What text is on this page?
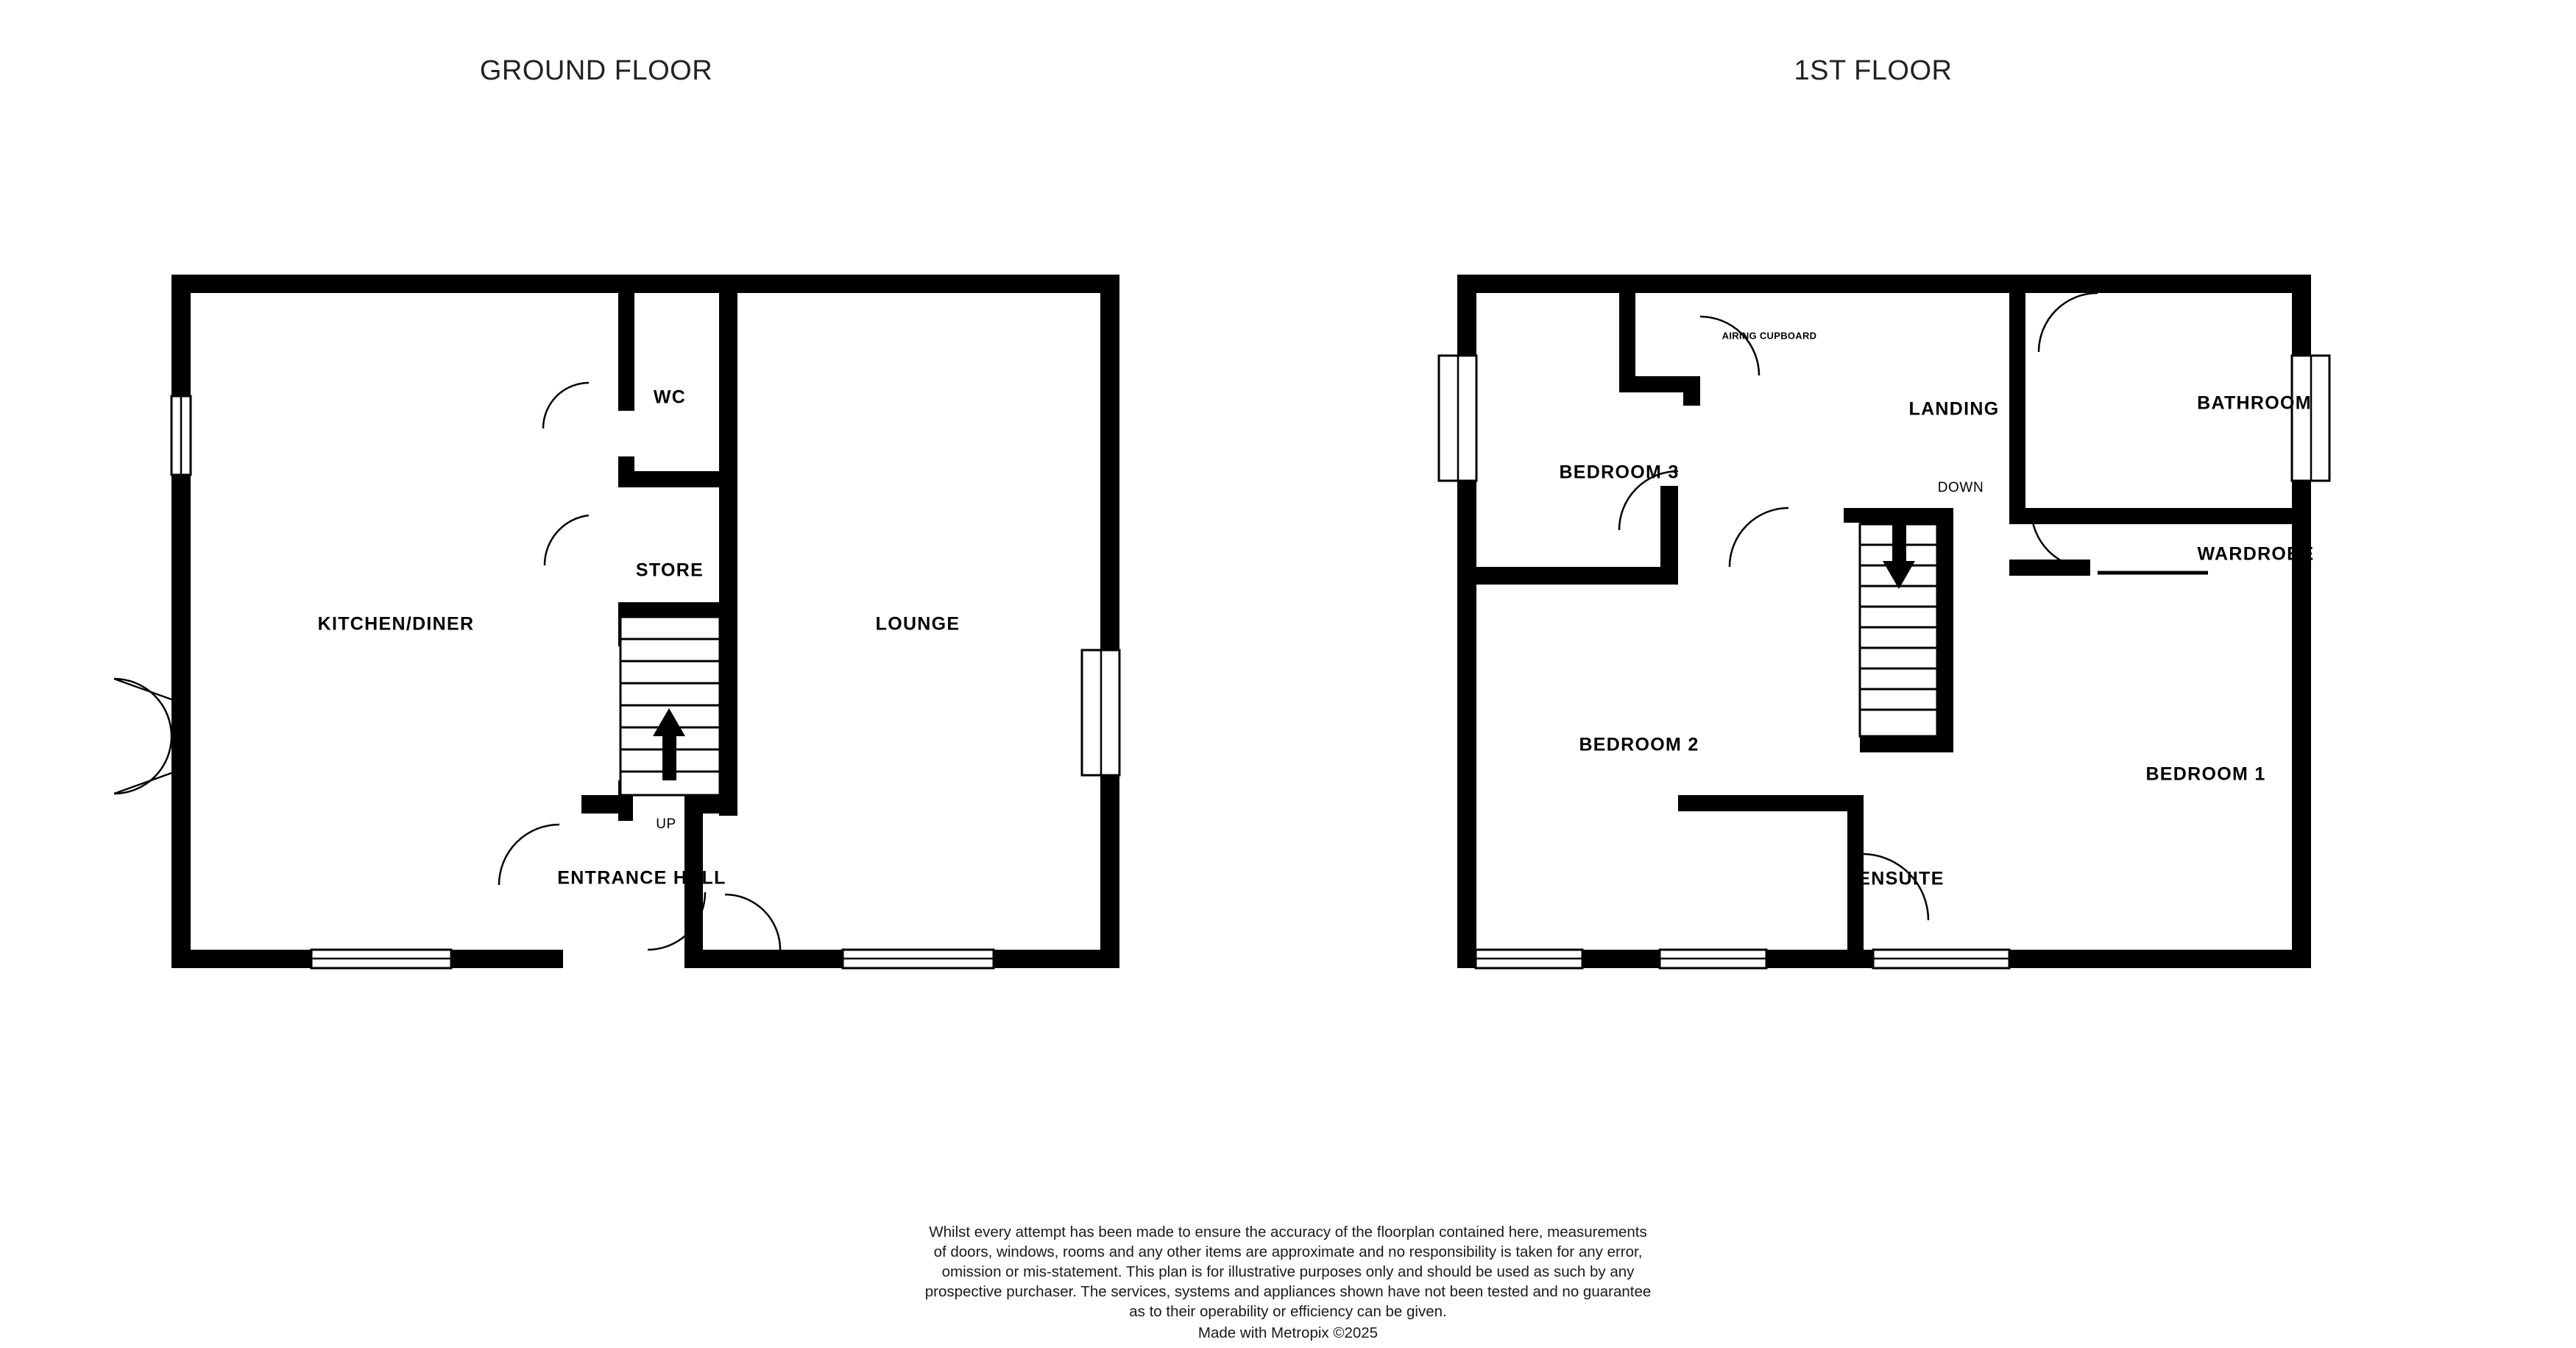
GROUND FLOOR	1ST FLOOR
KITCHEN/DINER
WC
STORE
LOUNGE
ENTRANCE HALL
UP
BEDROOM 3
AIRING CUPBOARD
LANDING	BATHROOM
WARDROBE
BEDROOM 2
BEDROOM 1
ENSUITE
DOWN
Whilst every attempt has been made to ensure the accuracy of the floorplan contained here, measurements
of doors, windows, rooms and any other items are approximate and no responsibility is taken for any error,
omission or mis-statement. This plan is for illustrative purposes only and should be used as such by any
prospective purchaser. The services, systems and appliances shown have not been tested and no guarantee
as to their operability or efficiency can be given.
Made with Metropix ©2025
